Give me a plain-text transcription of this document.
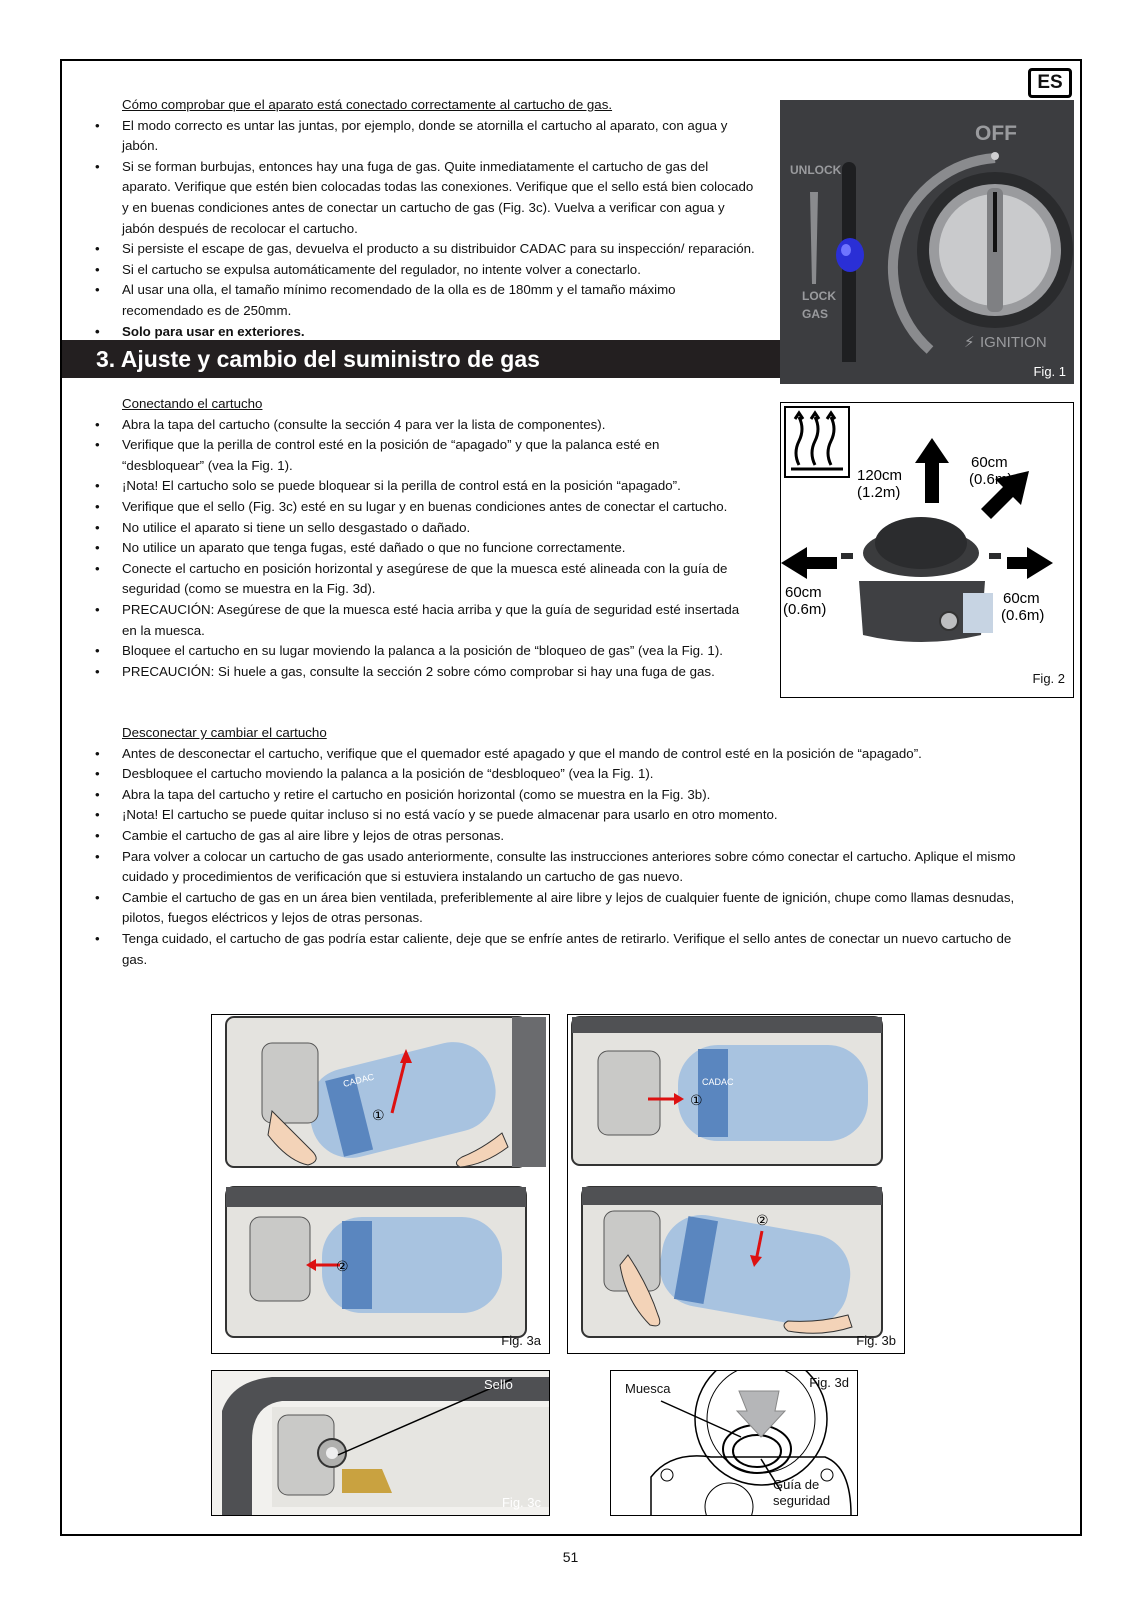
ES
Cómo comprobar que el aparato está conectado correctamente al cartucho de gas.
• El modo correcto es untar las juntas, por ejemplo, donde se atornilla el cartucho al aparato, con agua y jabón.
• Si se forman burbujas, entonces hay una fuga de gas. Quite inmediatamente el cartucho de gas del aparato. Verifique que estén bien colocadas todas las conexiones. Verifique que el sello está bien colocado y en buenas condiciones antes de conectar un cartucho de gas (Fig. 3c). Vuelva a verificar con agua y jabón después de recolocar el cartucho.
• Si persiste el escape de gas, devuelva el producto a su distribuidor CADAC para su inspección/ reparación.
• Si el cartucho se expulsa automáticamente del regulador, no intente volver a conectarlo.
• Al usar una olla, el tamaño mínimo recomendado de la olla es de 180mm y el tamaño máximo recomendado es de 250mm.
• Solo para usar en exteriores.
3. Ajuste y cambio del suministro de gas
Conectando el cartucho
• Abra la tapa del cartucho (consulte la sección 4 para ver la lista de componentes).
• Verifique que la perilla de control esté en la posición de “apagado” y que la palanca esté en “desbloquear” (vea la Fig. 1).
• ¡Nota! El cartucho solo se puede bloquear si la perilla de control está en la posición “apagado”.
• Verifique que el sello (Fig. 3c) esté en su lugar y en buenas condiciones antes de conectar el cartucho.
• No utilice el aparato si tiene un sello desgastado o dañado.
• No utilice un aparato que tenga fugas, esté dañado o que no funcione correctamente.
• Conecte el cartucho en posición horizontal y asegúrese de que la muesca esté alineada con la guía de seguridad (como se muestra en la Fig. 3d).
• PRECAUCIÓN: Asegúrese de que la muesca esté hacia arriba y que la guía de seguridad esté insertada en la muesca.
• Bloquee el cartucho en su lugar moviendo la palanca a la posición de “bloqueo de gas” (vea la Fig. 1).
• PRECAUCIÓN: Si huele a gas, consulte la sección 2 sobre cómo comprobar si hay una fuga de gas.
Desconectar y cambiar el cartucho
• Antes de desconectar el cartucho, verifique que el quemador esté apagado y que el mando de control esté en la posición de “apagado”.
• Desbloquee el cartucho moviendo la palanca a la posición de “desbloqueo” (vea la Fig. 1).
• Abra la tapa del cartucho y retire el cartucho en posición horizontal (como se muestra en la Fig. 3b).
• ¡Nota! El cartucho se puede quitar incluso si no está vacío y se puede almacenar para usarlo en otro momento.
• Cambie el cartucho de gas al aire libre y lejos de otras personas.
• Para volver a colocar un cartucho de gas usado anteriormente, consulte las instrucciones anteriores sobre cómo conectar el cartucho. Aplique el mismo cuidado y procedimientos de verificación que si estuviera instalando un cartucho de gas nuevo.
• Cambie el cartucho de gas en un área bien ventilada, preferiblemente al aire libre y lejos de cualquier fuente de ignición, chupe como llamas desnudas, pilotos, fuegos eléctricos y lejos de otras personas.
• Tenga cuidado, el cartucho de gas podría estar caliente, deje que se enfríe antes de retirarlo. Verifique el sello antes de conectar un nuevo cartucho de gas.
OFF
UNLOCK
LOCK
GAS
IGNITION
⚡
Fig. 1
120cm
(1.2m)
60cm
(0.6m)
60cm
(0.6m)
60cm
(0.6m)
Fig. 2
①
②
CADAC
Fig. 3a
①
②
CADAC
Fig. 3b
Sello
Fig. 3c
Muesca	Fig. 3d
Guía de
seguridad
51
